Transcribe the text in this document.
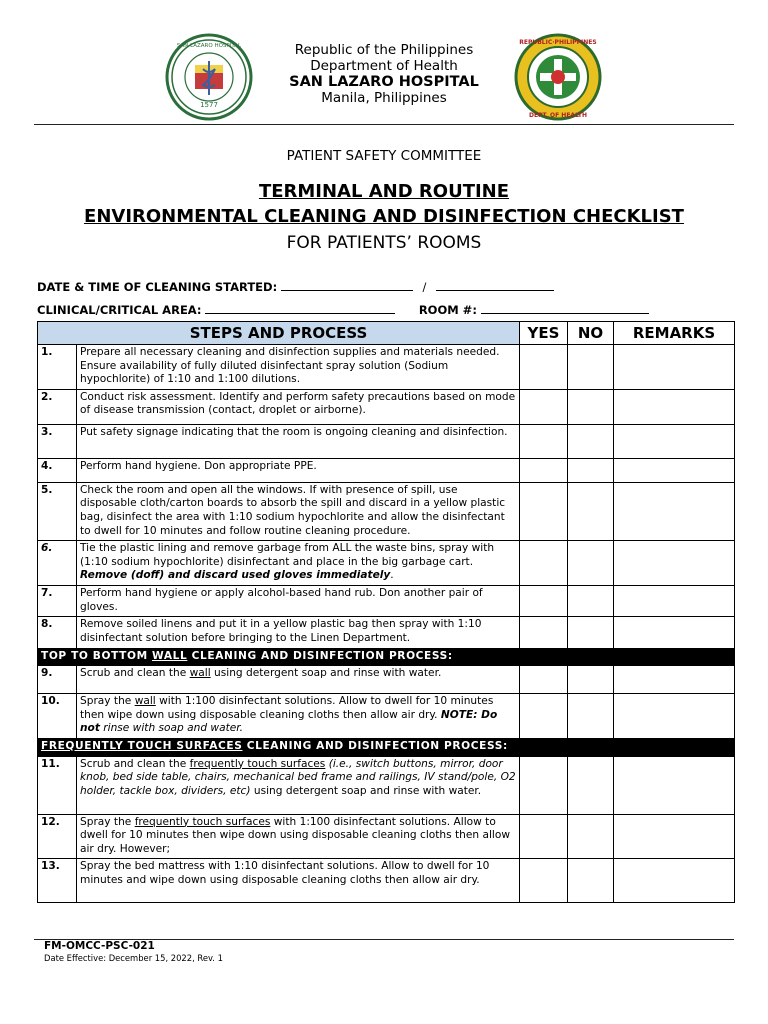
1577
SAN LAZARO HOSPITAL	Republic of the Philippines
Department of Health
SAN LAZARO HOSPITAL
Manila, Philippines
REPUBLIC·PHILIPPINES
DEPT. OF HEALTH
PATIENT SAFETY COMMITTEE
TERMINAL AND ROUTINE
ENVIRONMENTAL CLEANING AND DISINFECTION CHECKLIST
FOR PATIENTS’ ROOMS
DATE & TIME OF CLEANING STARTED:	/
CLINICAL/CRITICAL AREA:	ROOM #:
STEPS AND PROCESS		YES	NO	REMARKS
1.	Prepare all necessary cleaning and disinfection supplies and materials needed. Ensure availability of fully diluted disinfectant spray solution (Sodium hypochlorite) of 1:10 and 1:100 dilutions.			
2.	Conduct risk assessment. Identify and perform safety precautions based on mode of disease transmission (contact, droplet or airborne).			
3.	Put safety signage indicating that the room is ongoing cleaning and disinfection.			
4.	Perform hand hygiene. Don appropriate PPE.			
5.	Check the room and open all the windows. If with presence of spill, use disposable cloth/carton boards to absorb the spill and discard in a yellow plastic bag, disinfect the area with 1:10 sodium hypochlorite and allow the disinfectant to dwell for 10 minutes and follow routine cleaning procedure.			
6.	Tie the plastic lining and remove garbage from ALL the waste bins, spray with (1:10 sodium hypochlorite) disinfectant and place in the big garbage cart. Remove (doff) and discard used gloves immediately.			
7.	Perform hand hygiene or apply alcohol-based hand rub. Don another pair of gloves.			
8.	Remove soiled linens and put it in a yellow plastic bag then spray with 1:10 disinfectant solution before bringing to the Linen Department.			
TOP TO BOTTOM WALL CLEANING AND DISINFECTION PROCESS:				
9.	Scrub and clean the wall using detergent soap and rinse with water.			
10.	Spray the wall with 1:100 disinfectant solutions. Allow to dwell for 10 minutes then wipe down using disposable cleaning cloths then allow air dry. NOTE: Do not rinse with soap and water.			
FREQUENTLY TOUCH SURFACES CLEANING AND DISINFECTION PROCESS:				
11.	Scrub and clean the frequently touch surfaces (i.e., switch buttons, mirror, door knob, bed side table, chairs, mechanical bed frame and railings, IV stand/pole, O2 holder, tackle box, dividers, etc) using detergent soap and rinse with water.			
12.	Spray the frequently touch surfaces with 1:100 disinfectant solutions. Allow to dwell for 10 minutes then wipe down using disposable cleaning cloths then allow air dry. However;			
13.	Spray the bed mattress with 1:10 disinfectant solutions. Allow to dwell for 10 minutes and wipe down using disposable cleaning cloths then allow air dry.			
FM-OMCC-PSC-021
Date Effective: December 15, 2022, Rev. 1
